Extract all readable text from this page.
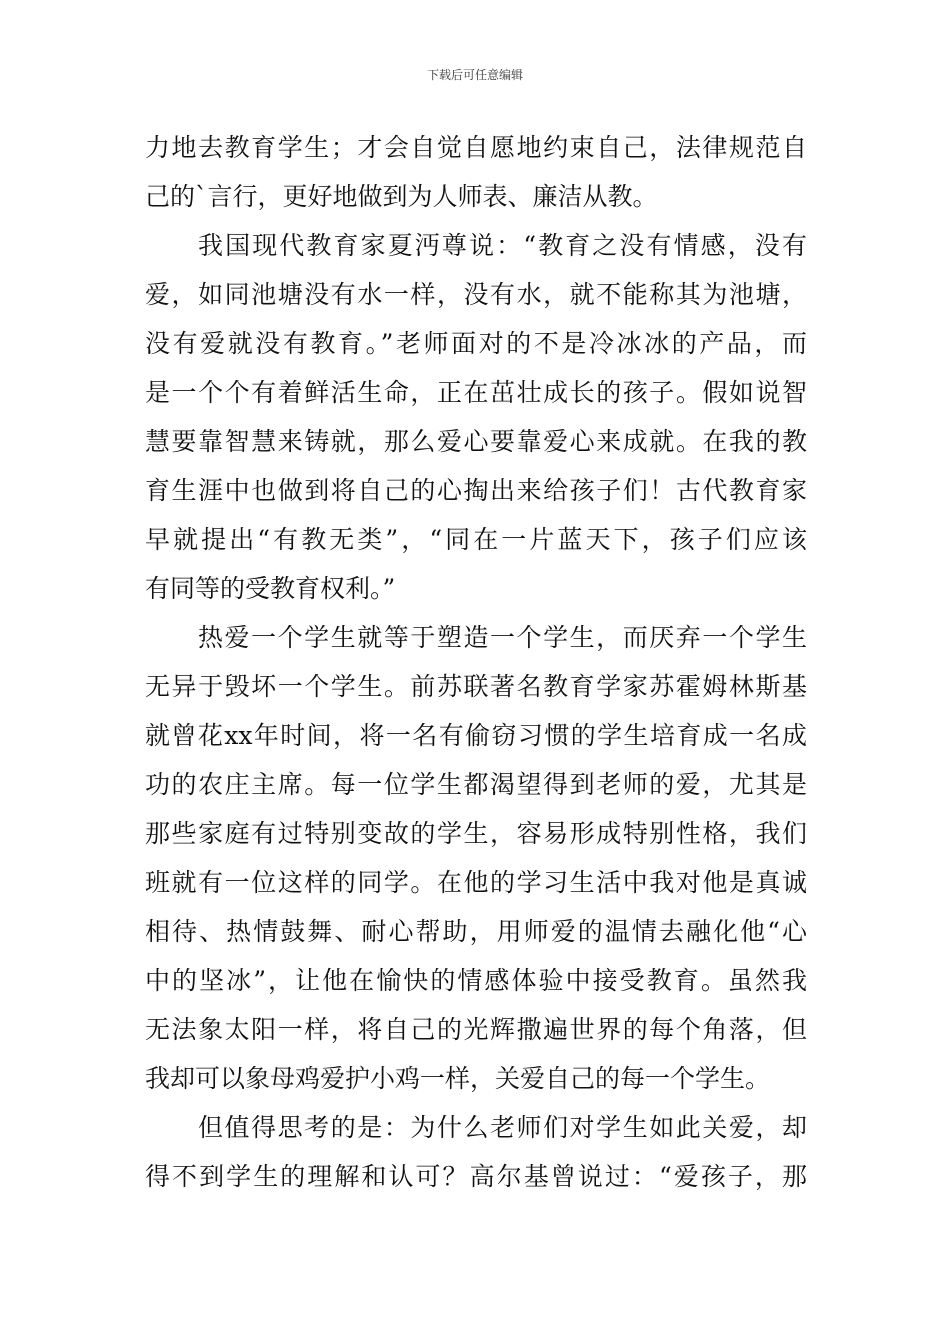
下载后可任意编辑
力地去教育学生；才会自觉自愿地约束自己，法律规范自
己的`言行，更好地做到为人师表、廉洁从教。
我国现代教育家夏沔尊说：“教育之没有情感，没有
爱，如同池塘没有水一样，没有水，就不能称其为池塘，
没有爱就没有教育。”老师面对的不是冷冰冰的产品，而
是一个个有着鲜活生命，正在茁壮成长的孩子。假如说智
慧要靠智慧来铸就，那么爱心要靠爱心来成就。在我的教
育生涯中也做到将自己的心掏出来给孩子们！古代教育家
早就提出“有教无类”，“同在一片蓝天下，孩子们应该
有同等的受教育权利。”
热爱一个学生就等于塑造一个学生，而厌弃一个学生
无异于毁坏一个学生。前苏联著名教育学家苏霍姆林斯基
就曾花xx年时间，将一名有偷窃习惯的学生培育成一名成
功的农庄主席。每一位学生都渴望得到老师的爱，尤其是
那些家庭有过特别变故的学生，容易形成特别性格，我们
班就有一位这样的同学。在他的学习生活中我对他是真诚
相待、热情鼓舞、耐心帮助，用师爱的温情去融化他“心
中的坚冰”，让他在愉快的情感体验中接受教育。虽然我
无法象太阳一样，将自己的光辉撒遍世界的每个角落，但
我却可以象母鸡爱护小鸡一样，关爱自己的每一个学生。
但值得思考的是：为什么老师们对学生如此关爱，却
得不到学生的理解和认可？高尔基曾说过：“爱孩子，那
